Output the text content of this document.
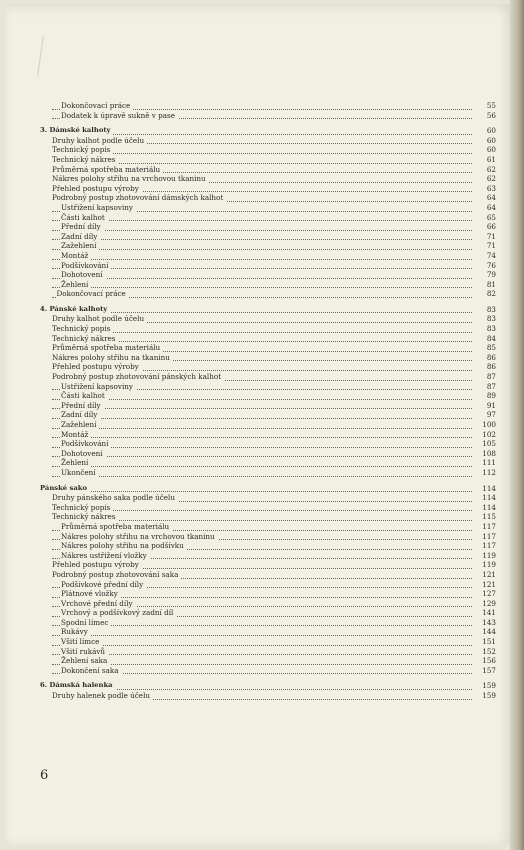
Dokončovací práce	55
Dodatek k úpravě sukně v pase	56
3. Dámské kalhoty	60
Druhy kalhot podle účelu	60
Technický popis	60
Technický nákres	61
Průměrná spotřeba materiálu	62
Nákres polohy střihu na vrchovou tkaninu	62
Přehled postupu výroby	63
Podrobný postup zhotovování dámských kalhot	64
Ustřižení kapsoviny	64
Části kalhot	65
Přední díly	66
Zadní díly	71
Zažehlení	71
Montáž	74
Podšívkování	76
Dohotovení	79
Žehlení	81
Dokončovací práce	82
4. Pánské kalhoty	83
Druhy kalhot podle účelu	83
Technický popis	83
Technický nákres	84
Průměrná spotřeba materiálu	85
Nákres polohy střihu na tkaninu	86
Přehled postupu výroby	86
Podrobný postup zhotovování pánských kalhot	87
Ustřižení kapsoviny	87
Části kalhot	89
Přední díly	91
Zadní díly	97
Zažehlení	100
Montáž	102
Podšívkování	105
Dohotovení	108
Žehlení	111
Ukončení	112
Pánské sako	114
Druhy pánského saka podle účelu	114
Technický popis	114
Technický nákres	115
Průměrná spotřeba materiálu	117
Nákres polohy střihu na vrchovou tkaninu	117
Nákres polohy střihu na podšívku	117
Nákres ustřižení vložky	119
Přehled postupu výroby	119
Podrobný postup zhotovování saka	121
Podšívkové přední díly	121
Plátnové vložky	127
Vrchové přední díly	129
Vrchový a podšívkový zadní díl	141
Spodní límec	143
Rukávy	144
Všití límce	151
Všití rukávů	152
Žehlení saka	156
Dokončení saka	157
6. Dámská halenka	159
Druhy halenek podle účelu	159
6
